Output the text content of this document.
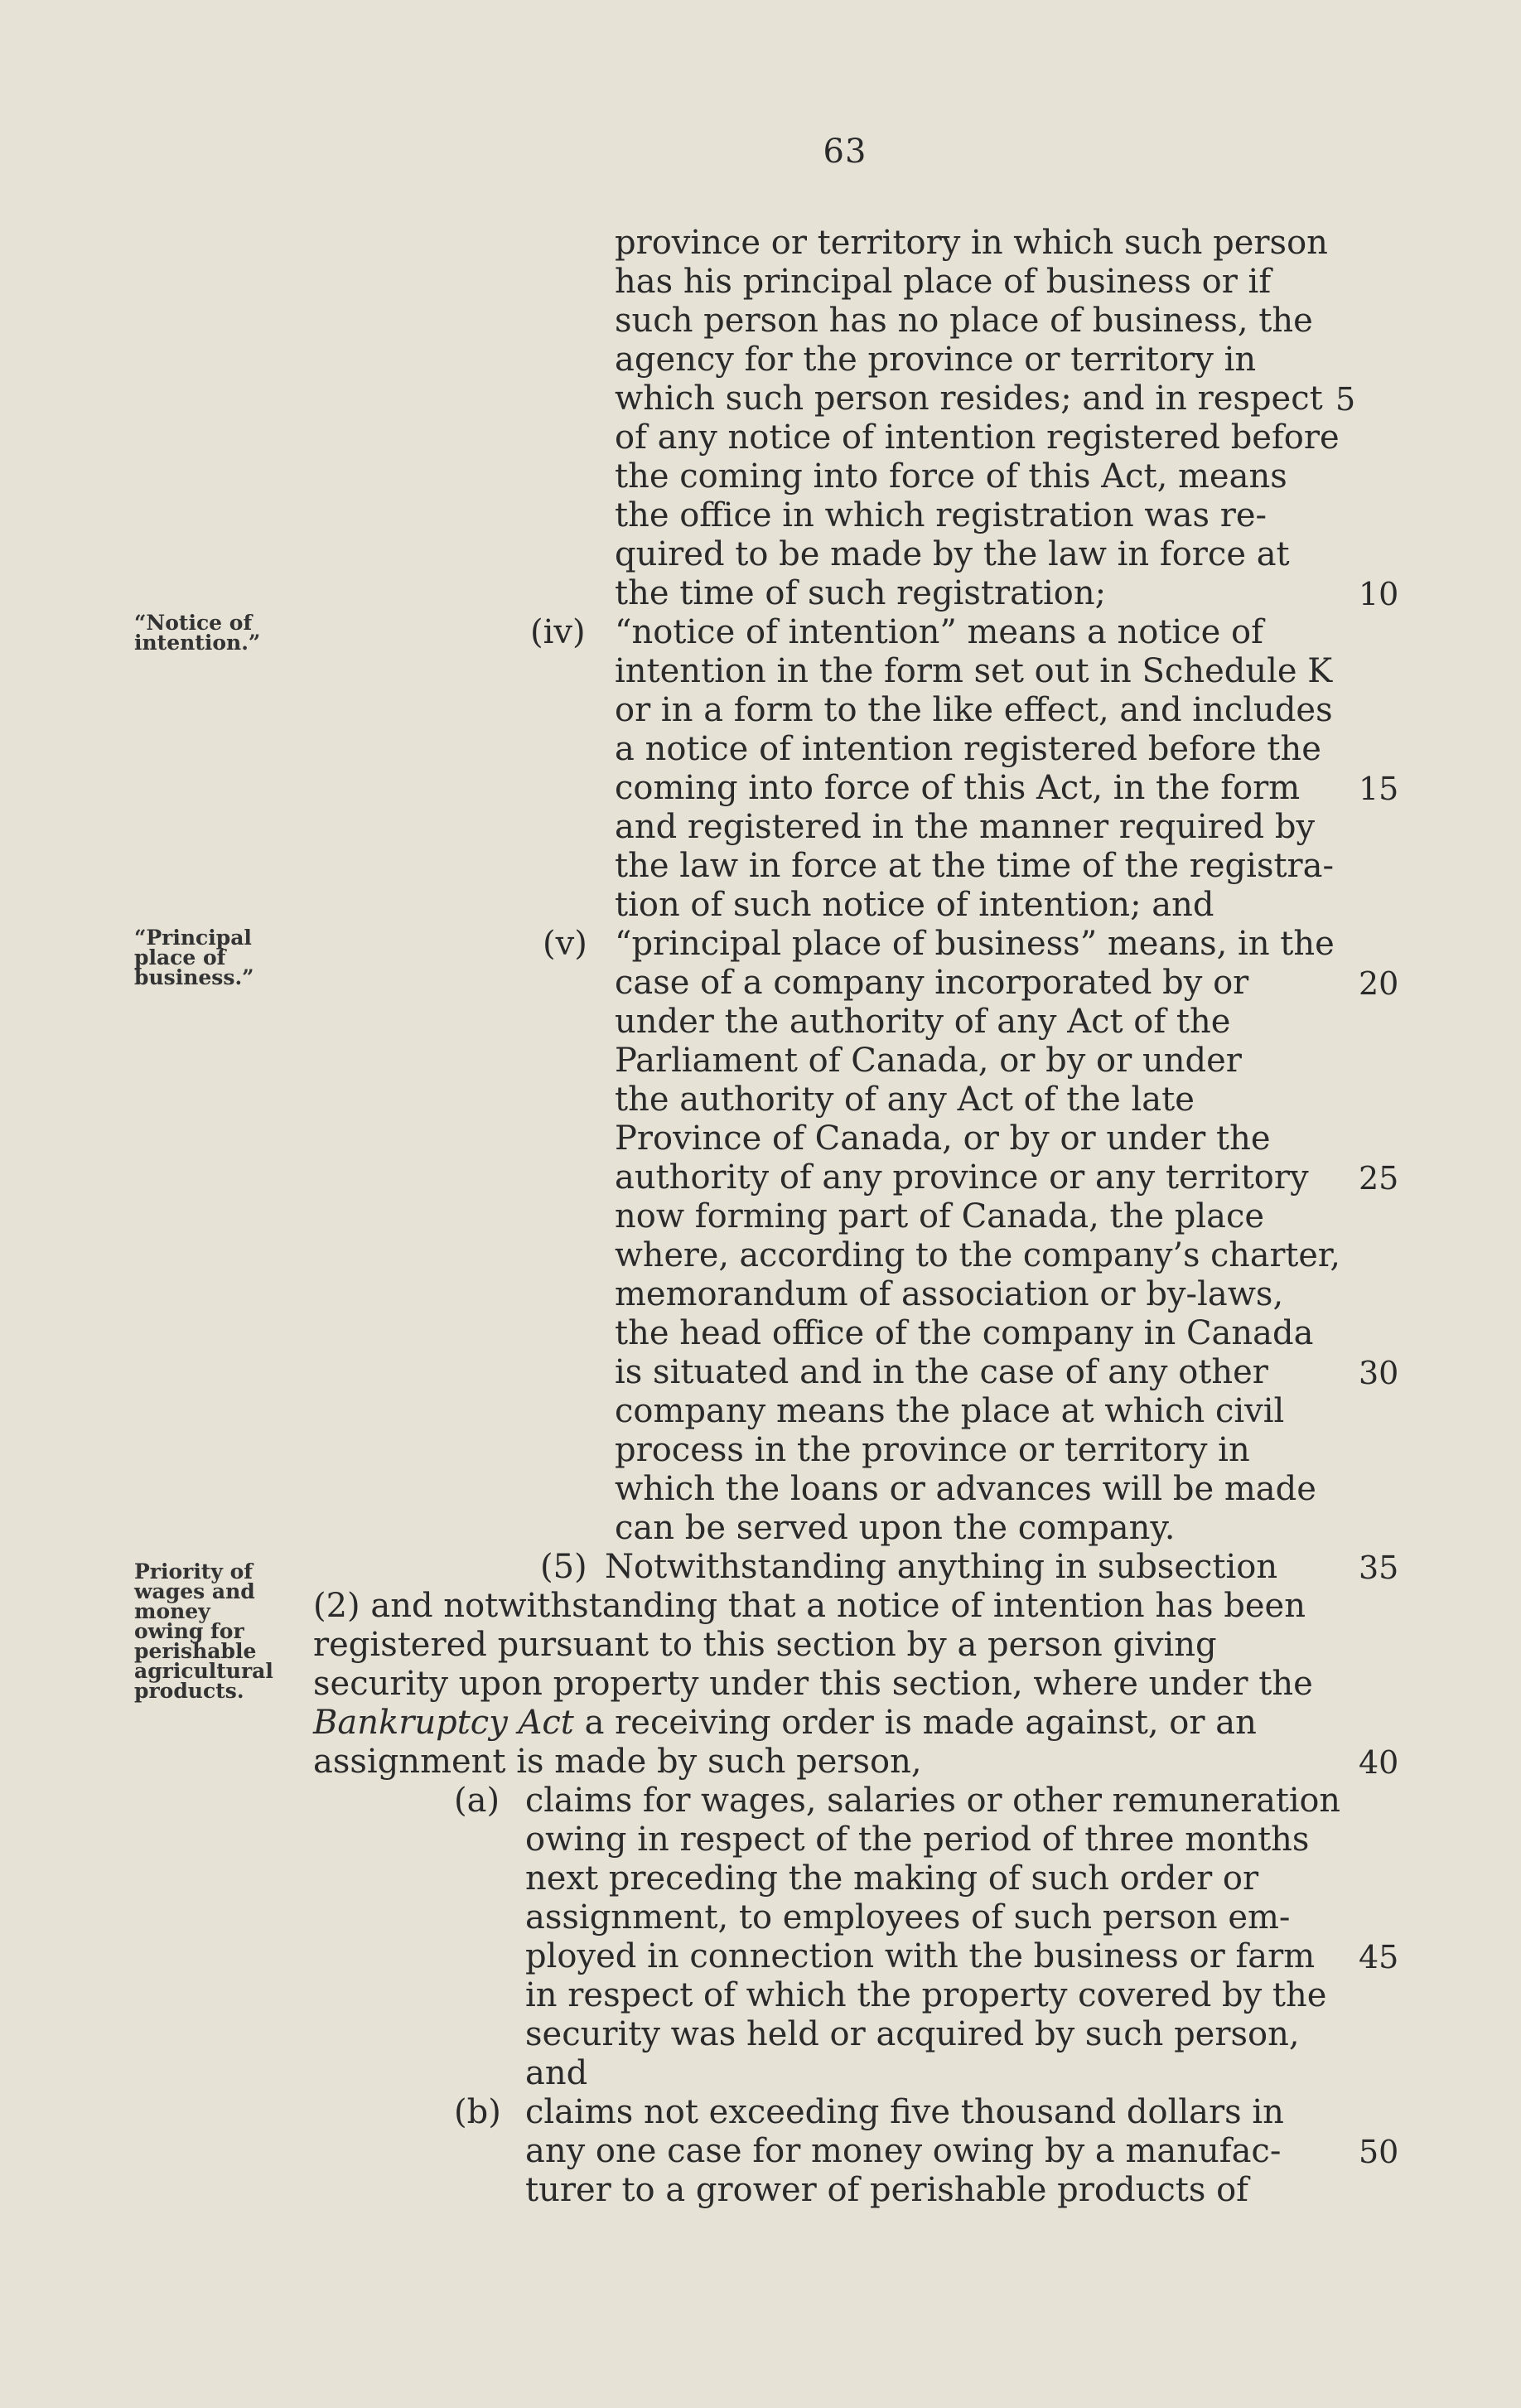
63
“Notice of
intention.”
“Principal
place of
business.”
Priority of
wages and
money
owing for
perishable
agricultural
products.
province or territory in which such person
has his principal place of business or if
such person has no place of business, the
agency for the province or territory in
which such person resides; and in respect
of any notice of intention registered before
the coming into force of this Act, means
the office in which registration was re-
quired to be made by the law in force at
the time of such registration;
(iv) “notice of intention” means a notice of
intention in the form set out in Schedule K
or in a form to the like effect, and includes
a notice of intention registered before the
coming into force of this Act, in the form
and registered in the manner required by
the law in force at the time of the registra-
tion of such notice of intention; and
(v) “principal place of business” means, in the
case of a company incorporated by or
under the authority of any Act of the
Parliament of Canada, or by or under
the authority of any Act of the late
Province of Canada, or by or under the
authority of any province or any territory
now forming part of Canada, the place
where, according to the company’s charter,
memorandum of association or by-laws,
the head office of the company in Canada
is situated and in the case of any other
company means the place at which civil
process in the province or territory in
which the loans or advances will be made
can be served upon the company.
(5) Notwithstanding anything in subsection
(2) and notwithstanding that a notice of intention has been
registered pursuant to this section by a person giving
security upon property under this section, where under the
Bankruptcy Act a receiving order is made against, or an
assignment is made by such person,
(a) claims for wages, salaries or other remuneration
owing in respect of the period of three months
next preceding the making of such order or
assignment, to employees of such person em-
ployed in connection with the business or farm
in respect of which the property covered by the
security was held or acquired by such person,
and
(b) claims not exceeding five thousand dollars in
any one case for money owing by a manufac-
turer to a grower of perishable products of
5
10
15
20
25
30
35
40
45
50
